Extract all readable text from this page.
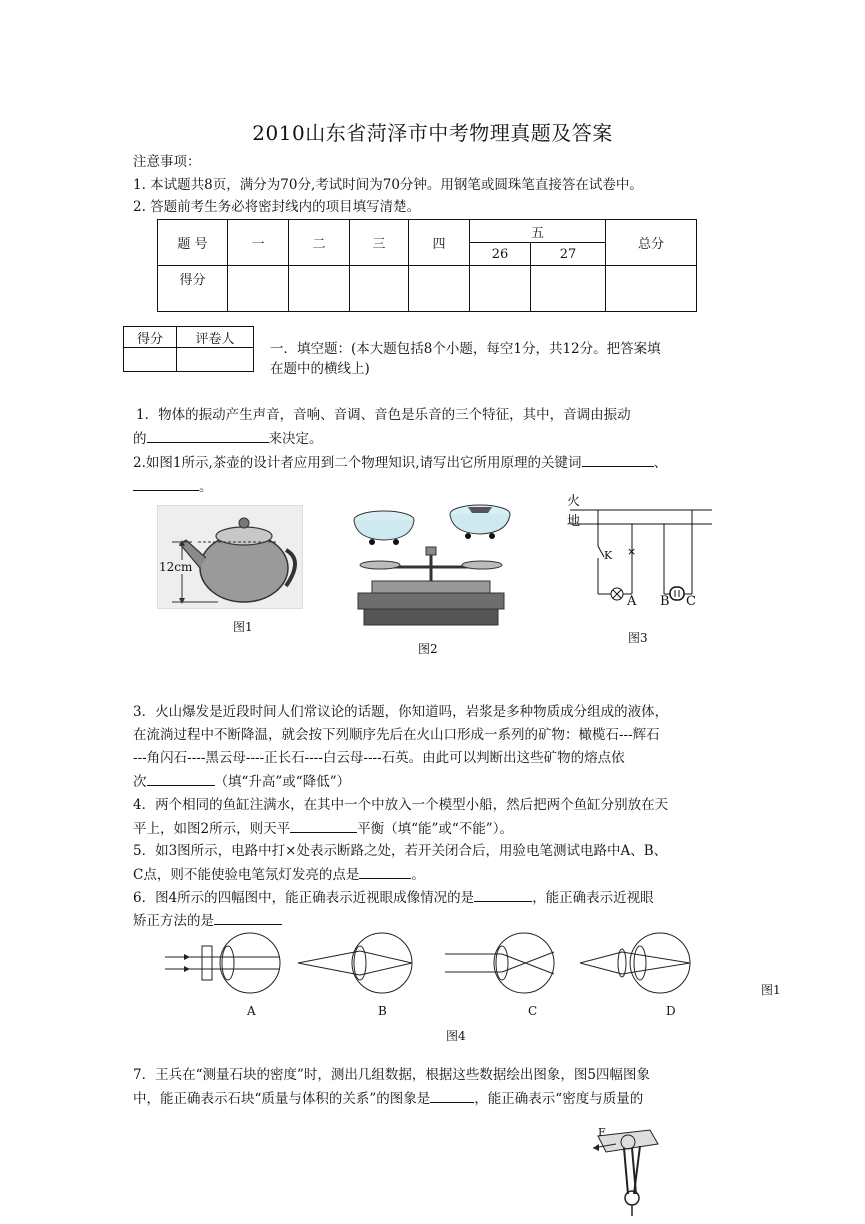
2010山东省菏泽市中考物理真题及答案
注意事项：
1. 本试题共8页，满分为70分,考试时间为70分钟。用钢笔或圆珠笔直接答在试卷中。
2. 答题前考生务必将密封线内的项目填写清楚。
题 号	一	二	三	四	五		总分
					26	27	
得分							
得分	评卷人

一．填空题：(本大题包括8个小题，每空1分，共12分。把答案填
在题中的横线上)
1．物体的振动产生声音，音响、音调、音色是乐音的三个特征，其中，音调由振动
的	来决定。
2.如图1所示,茶壶的设计者应用到二个物理知识,请写出它所用原理的关键词	、
。
12cm
图1
图2
×
火
地
K
A B C
图3
3．火山爆发是近段时间人们常议论的话题，你知道吗，岩浆是多种物质成分组成的液体，
在流淌过程中不断降温，就会按下列顺序先后在火山口形成一系列的矿物：橄榄石---辉石
---角闪石----黑云母----正长石----白云母----石英。由此可以判断出这些矿物的熔点依
次	（填“升高”或“降低”）
4．两个相同的鱼缸注满水，在其中一个中放入一个模型小船，然后把两个鱼缸分别放在天
平上，如图2所示，则天平	平衡（填“能”或“不能”）。
5．如3图所示，电路中打×处表示断路之处，若开关闭合后，用验电笔测试电路中A、B、
C点，则不能使验电笔氖灯发亮的点是	。
6．图4所示的四幅图中，能正确表示近视眼成像情况的是	，能正确表示近视眼
矫正方法的是
A	B	C	D
图4
图1
7．王兵在“测量石块的密度”时，测出几组数据，根据这些数据绘出图象，图5四幅图象
中，能正确表示石块“质量与体积的关系”的图象是	，能正确表示“密度与质量的
F
